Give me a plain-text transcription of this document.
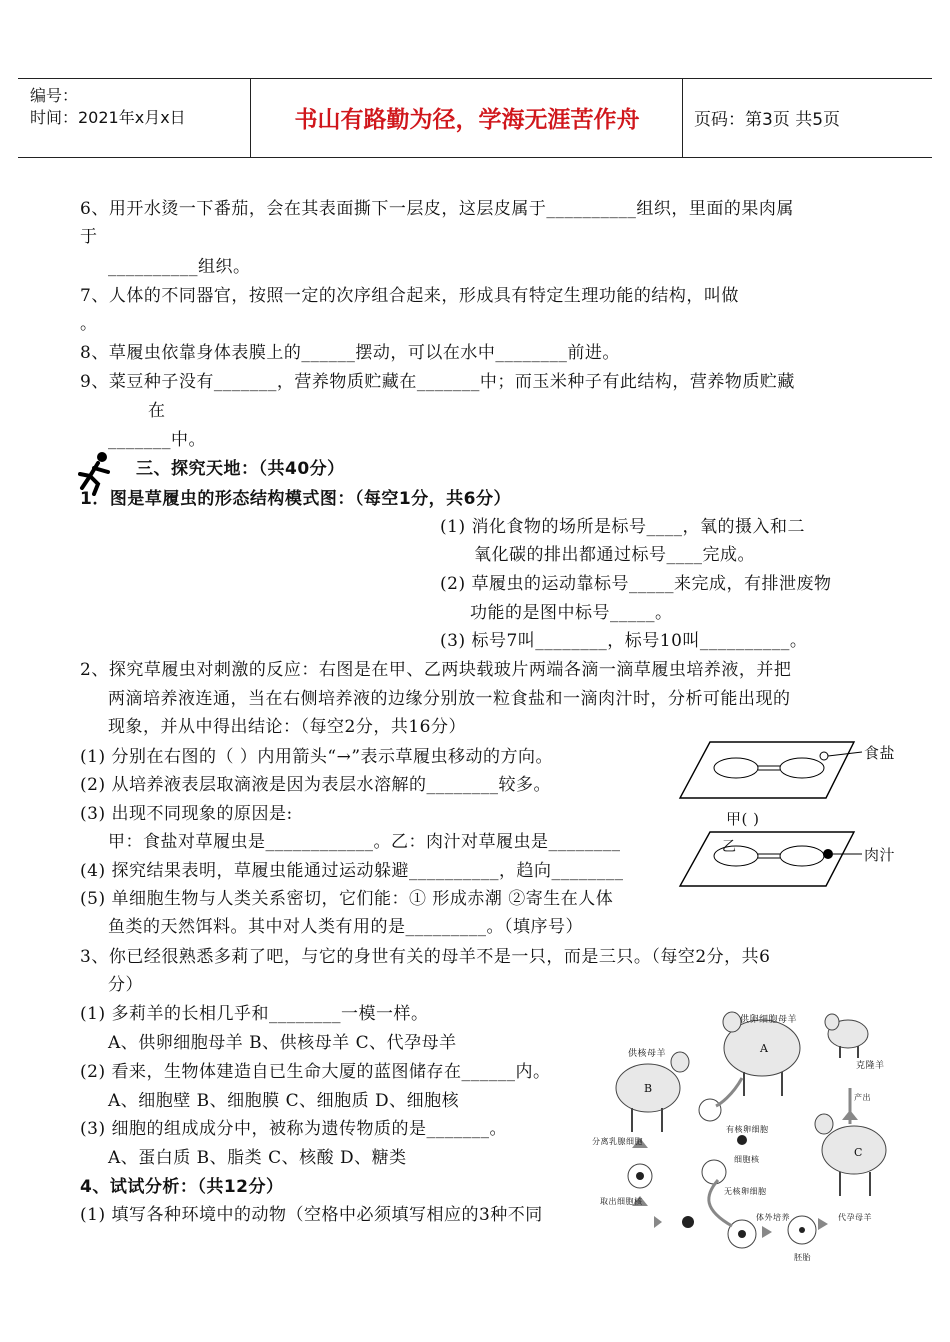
编号：
时间：2021年x月x日	书山有路勤为径，学海无涯苦作舟	页码：第3页 共5页
6、用开水烫一下番茄，会在其表面撕下一层皮，这层皮属于__________组织，里面的果肉属
于
__________组织。
7、人体的不同器官，按照一定的次序组合起来，形成具有特定生理功能的结构，叫做
。
8、草履虫依靠身体表膜上的______摆动，可以在水中________前进。
9、菜豆种子没有_______，营养物质贮藏在_______中；而玉米种子有此结构，营养物质贮藏
在
_______中。
三、探究天地：（共40分）
1．图是草履虫的形态结构模式图：（每空1分，共6分）
(1) 消化食物的场所是标号____，氧的摄入和二
氧化碳的排出都通过标号____完成。
(2) 草履虫的运动靠标号_____来完成，有排泄废物
功能的是图中标号_____。
(3) 标号7叫________，标号10叫__________。
2、探究草履虫对刺激的反应：右图是在甲、乙两块载玻片两端各滴一滴草履虫培养液，并把
两滴培养液连通，当在右侧培养液的边缘分别放一粒食盐和一滴肉汁时，分析可能出现的
现象，并从中得出结论：（每空2分，共16分）
(1) 分别在右图的（ ）内用箭头“→”表示草履虫移动的方向。
(2) 从培养液表层取滴液是因为表层水溶解的________较多。
(3) 出现不同现象的原因是:
甲：食盐对草履虫是____________。乙：肉汁对草履虫是________
(4) 探究结果表明，草履虫能通过运动躲避__________，趋向________
(5) 单细胞生物与人类关系密切，它们能：① 形成赤潮 ②寄生在人体
鱼类的天然饵料。其中对人类有用的是_________。（填序号）
3、你已经很熟悉多莉了吧，与它的身世有关的母羊不是一只，而是三只。（每空2分，共6
分）
(1) 多莉羊的长相几乎和________一模一样。
A、供卵细胞母羊 B、供核母羊 C、代孕母羊
(2) 看来，生物体建造自已生命大厦的蓝图储存在______内。
A、细胞壁 B、细胞膜 C、细胞质 D、细胞核
(3) 细胞的组成成分中，被称为遗传物质的是_______。
A、蛋白质 B、脂类 C、核酸 D、糖类
4、试试分析：（共12分）
(1) 填写各种环境中的动物（空格中必须填写相应的3种不同
食盐
甲( )
肉汁
乙
供卵细胞母羊
A
供核母羊
B
克隆羊
有核卵细胞
产出
细胞核
分离乳腺细胞
无核卵细胞
C
取出细胞核
体外培养	代孕母羊
胚胎
